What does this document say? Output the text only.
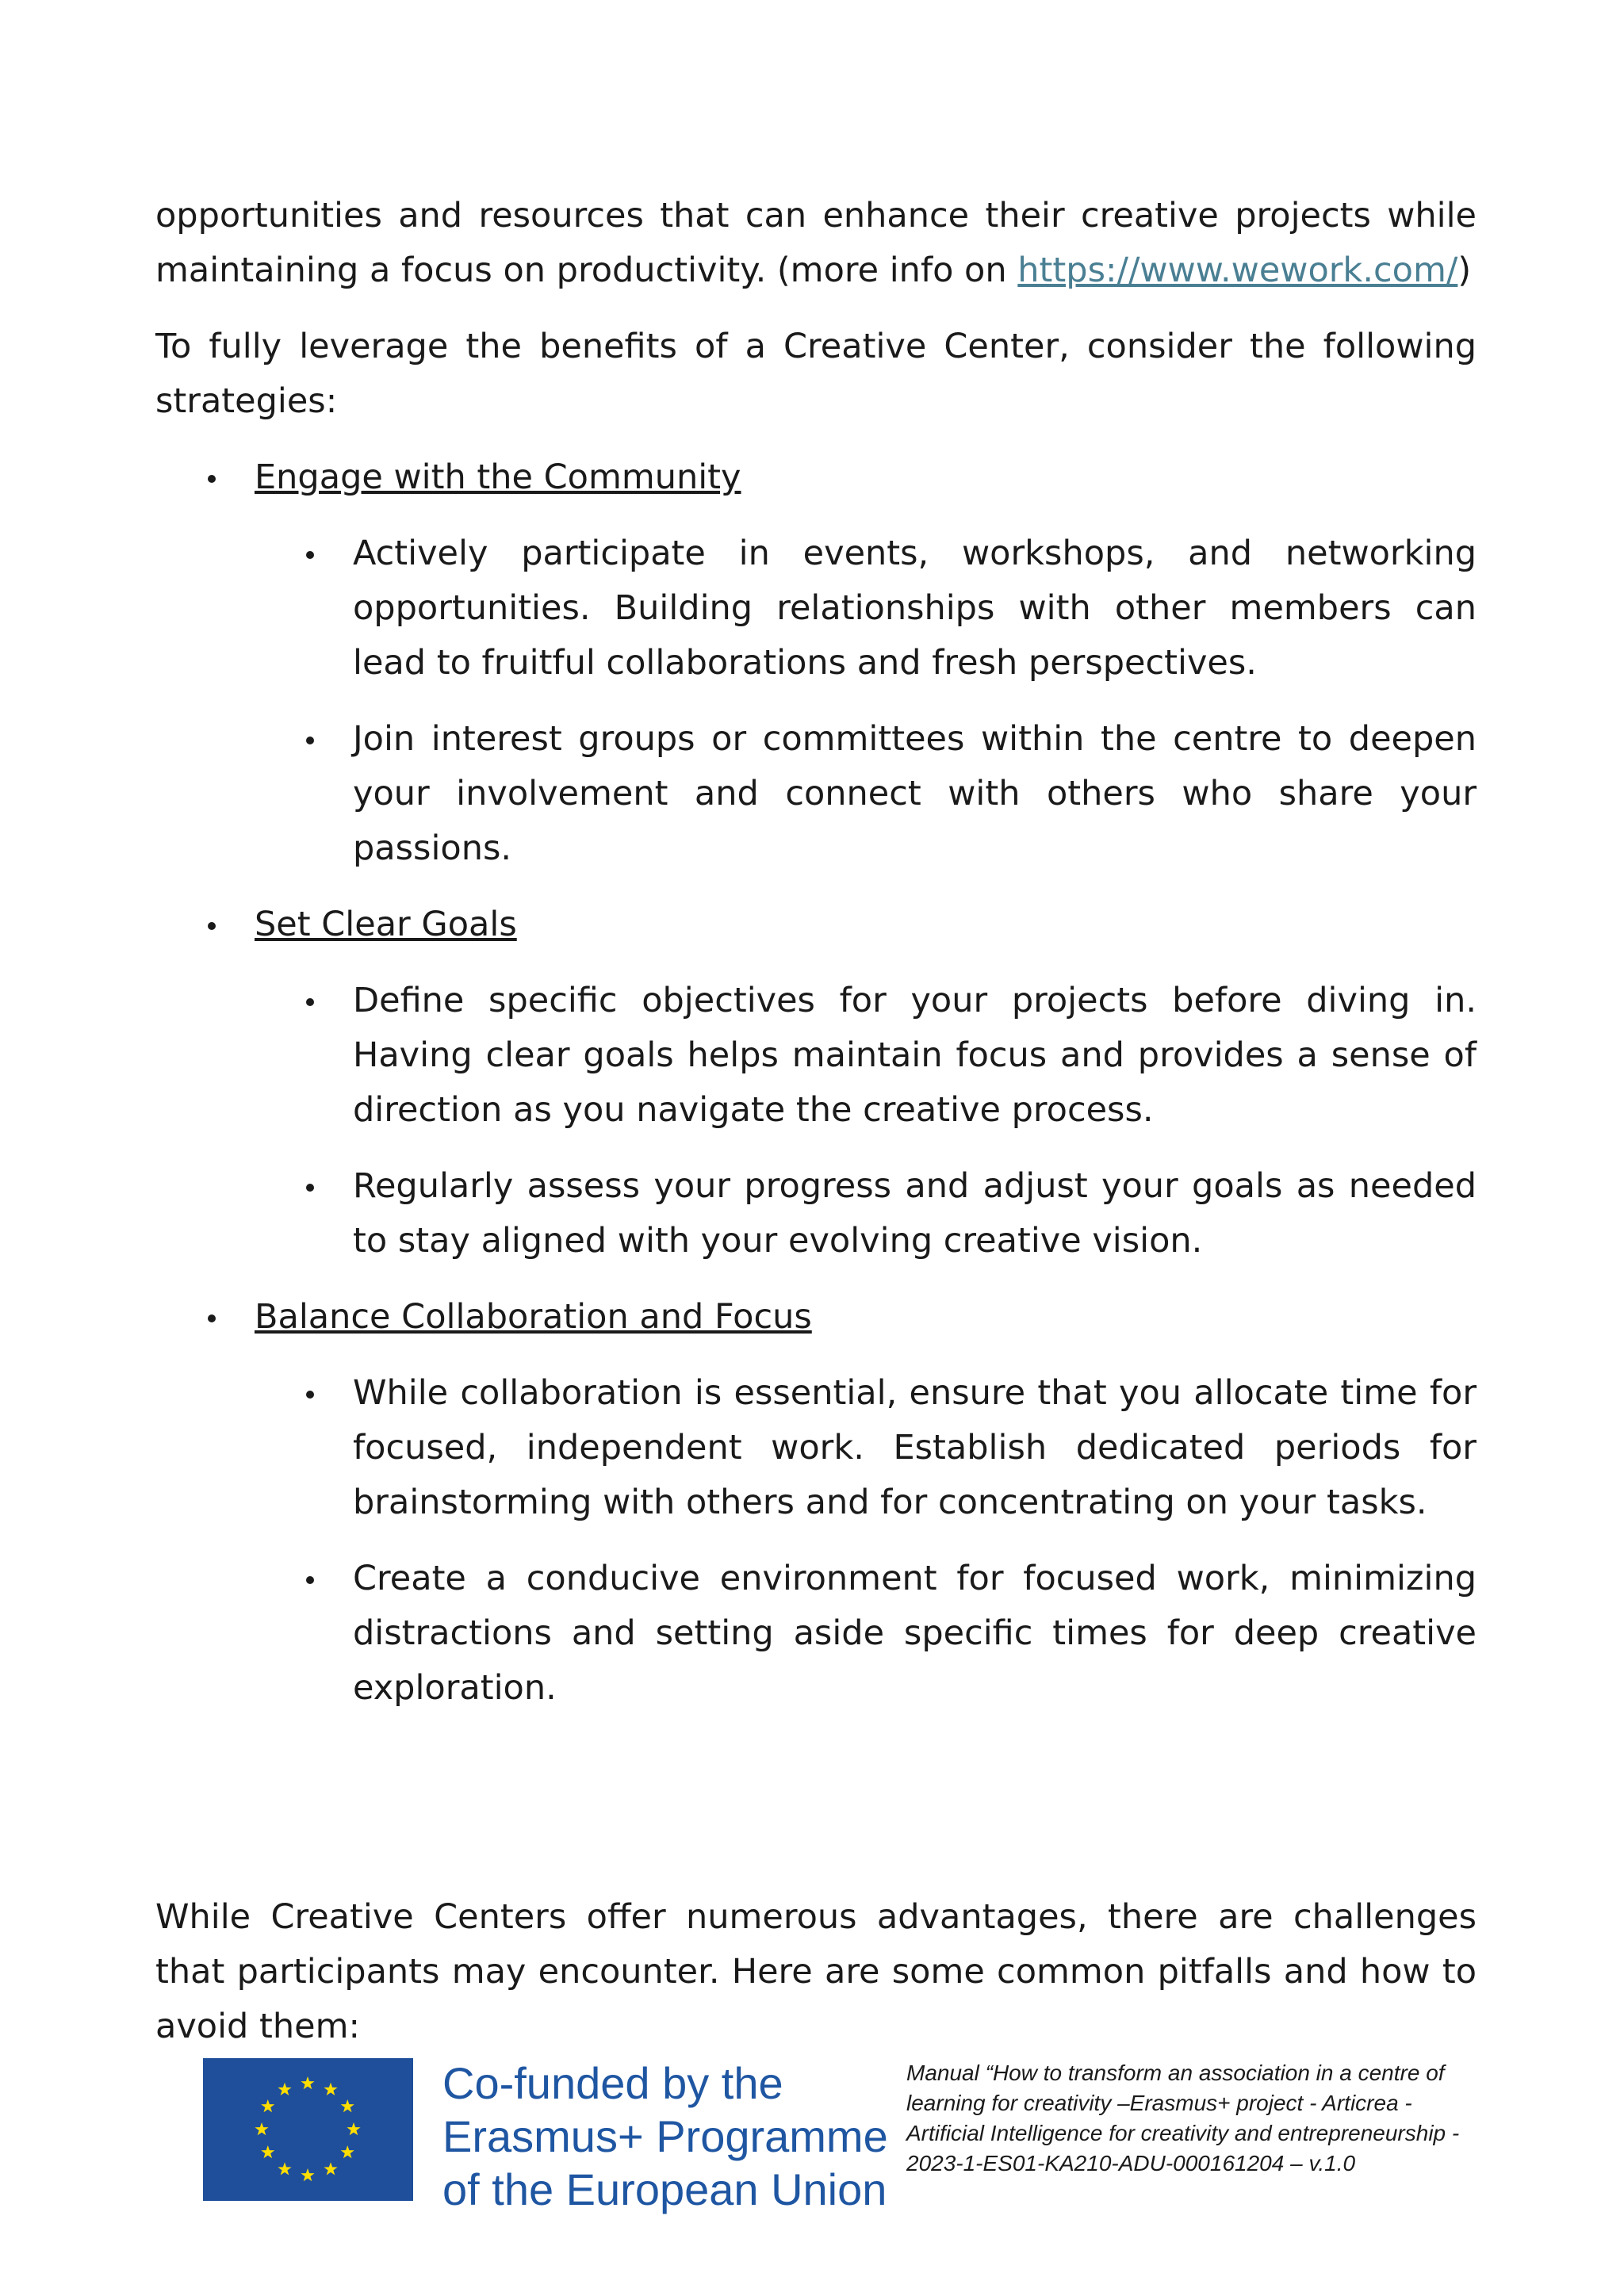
opportunities and resources that can enhance their creative projects while maintaining a focus on productivity. (more info on https://www.wework.com/)

To fully leverage the benefits of a Creative Center, consider the following strategies:

Engage with the Community
Actively participate in events, workshops, and networking opportunities. Building relationships with other members can lead to fruitful collaborations and fresh perspectives.
Join interest groups or committees within the centre to deepen your involvement and connect with others who share your passions.
Set Clear Goals
Define specific objectives for your projects before diving in. Having clear goals helps maintain focus and provides a sense of direction as you navigate the creative process.
Regularly assess your progress and adjust your goals as needed to stay aligned with your evolving creative vision.
Balance Collaboration and Focus
While collaboration is essential, ensure that you allocate time for focused, independent work. Establish dedicated periods for brainstorming with others and for concentrating on your tasks.
Create a conducive environment for focused work, minimizing distractions and setting aside specific times for deep creative exploration.

While Creative Centers offer numerous advantages, there are challenges that participants may encounter. Here are some common pitfalls and how to avoid them:

Co-funded by the
Erasmus+ Programme
of the European Union
Manual “How to transform an association in a centre of learning for creativity –Erasmus+ project - Articrea - Artificial Intelligence for creativity and entrepreneurship - 2023-1-ES01-KA210-ADU-000161204 – v.1.0
